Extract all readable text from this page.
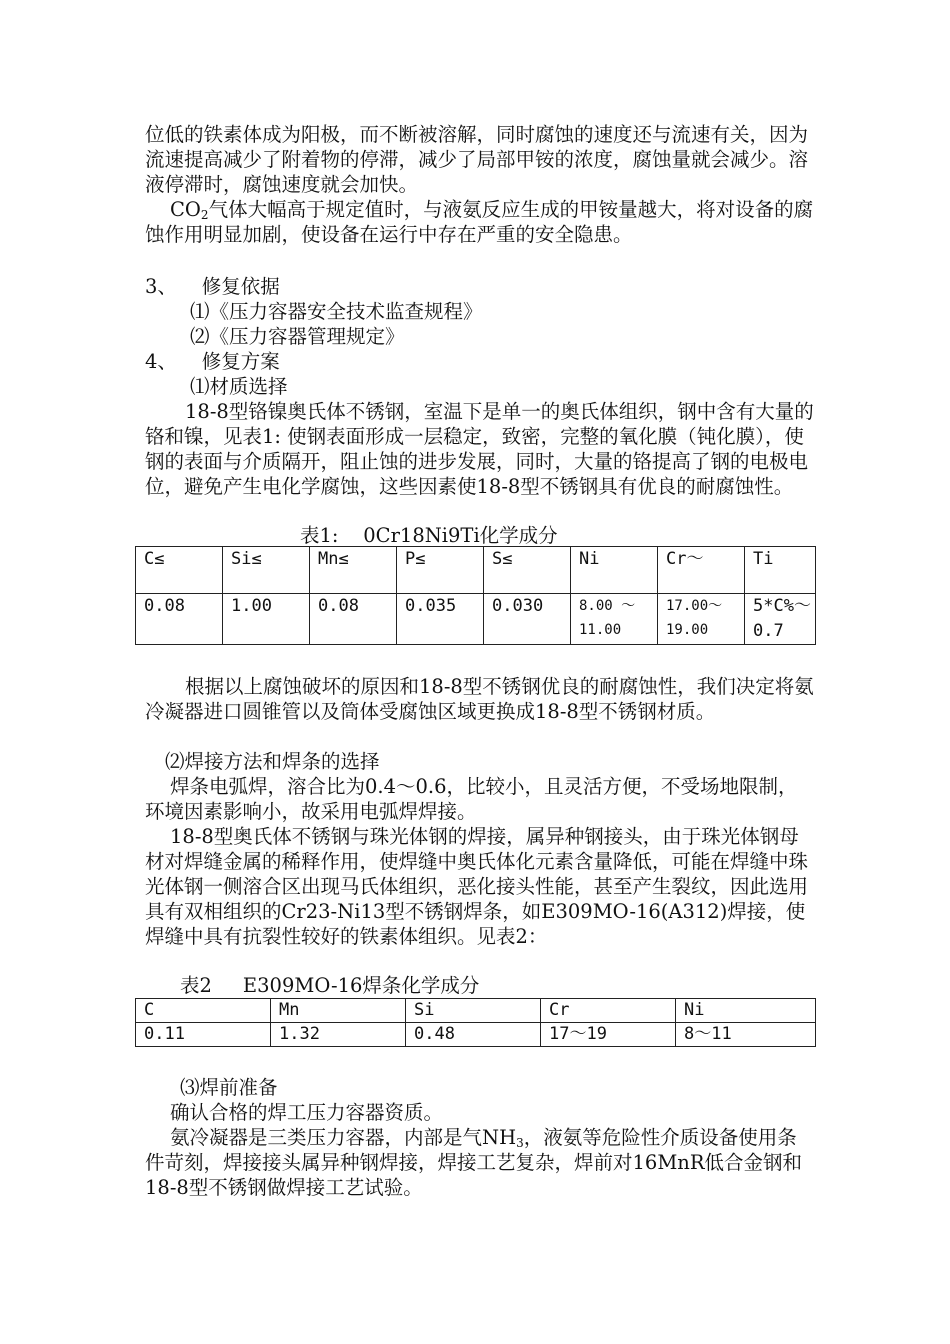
位低的铁素体成为阳极，而不断被溶解，同时腐蚀的速度还与流速有关，因为流速提高减少了附着物的停滞，减少了局部甲铵的浓度，腐蚀量就会减少。溶液停滞时，腐蚀速度就会加快。

$CO_2$气体大幅高于规定值时，与液氨反应生成的甲铵量越大，将对设备的腐蚀作用明显加剧，使设备在运行中存在严重的安全隐患。

3、    修复依据
⑴《压力容器安全技术监查规程》
⑵《压力容器管理规定》
4、    修复方案
⑴材质选择

18-8型铬镍奥氏体不锈钢，室温下是单一的奥氏体组织，钢中含有大量的铬和镍，见表1: 使钢表面形成一层稳定，致密，完整的氧化膜（钝化膜），使钢的表面与介质隔开，阻止蚀的进步发展，同时，大量的铬提高了钢的电极电位，避免产生电化学腐蚀，这些因素使18-8型不锈钢具有优良的耐腐蚀性。

表1:    0Cr18Ni9Ti化学成分
C≤	Si≤	Mn≤	P≤	S≤	Ni	Cr～	Ti
0.08	1.00	0.08	0.035	0.030	8.00 ～11.00	17.00～19.00	5*C%～0.7

根据以上腐蚀破坏的原因和18-8型不锈钢优良的耐腐蚀性，我们决定将氨冷凝器进口圆锥管以及筒体受腐蚀区域更换成18-8型不锈钢材质。

⑵焊接方法和焊条的选择

焊条电弧焊，溶合比为0.4～0.6，比较小，且灵活方便，不受场地限制，环境因素影响小，故采用电弧焊焊接。

18-8型奥氏体不锈钢与珠光体钢的焊接，属异种钢接头，由于珠光体钢母材对焊缝金属的稀释作用，使焊缝中奥氏体化元素含量降低，可能在焊缝中珠光体钢一侧溶合区出现马氏体组织，恶化接头性能，甚至产生裂纹，因此选用具有双相组织的Cr23-Ni13型不锈钢焊条，如E309MO-16(A312)焊接，使焊缝中具有抗裂性较好的铁素体组织。见表2：

表2     E309MO-16焊条化学成分
C	Mn	Si	Cr	Ni
0.11	1.32	0.48	17～19	8～11
⑶焊前准备

确认合格的焊工压力容器资质。

氨冷凝器是三类压力容器，内部是气$NH_3$，液氨等危险性介质设备使用条件苛刻，焊接接头属异种钢焊接，焊接工艺复杂，焊前对16MnR低合金钢和18-8型不锈钢做焊接工艺试验。
